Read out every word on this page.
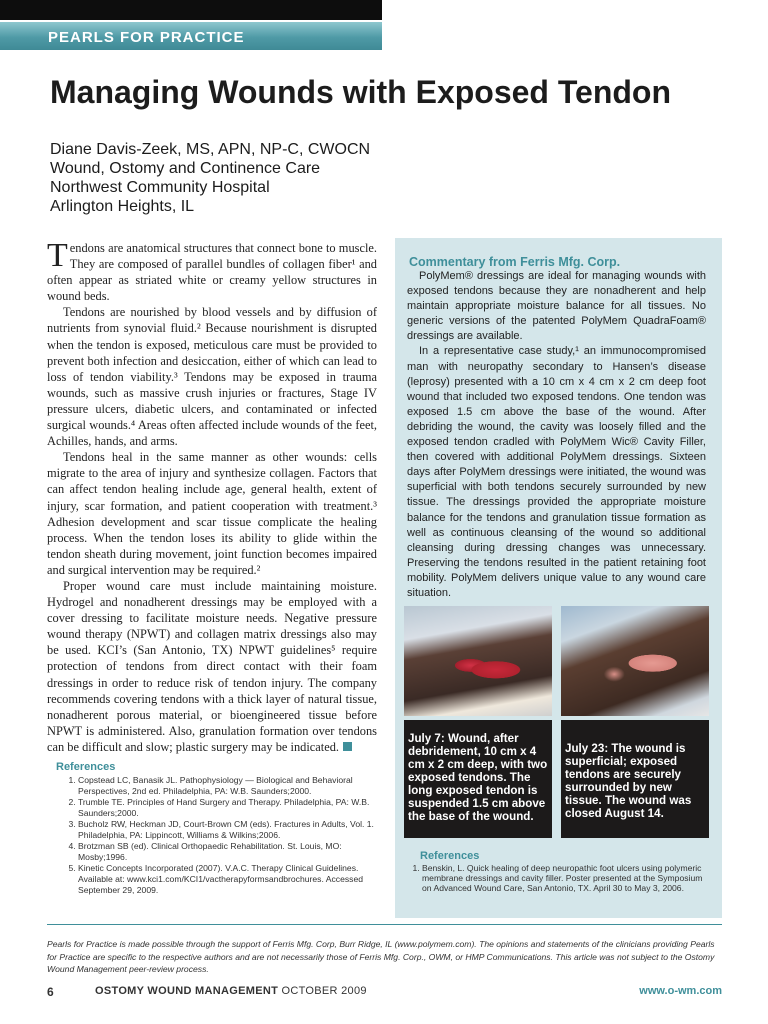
PEARLS FOR PRACTICE
Managing Wounds with Exposed Tendon
Diane Davis-Zeek, MS, APN, NP-C, CWOCN
Wound, Ostomy and Continence Care
Northwest Community Hospital
Arlington Heights, IL

Tendons are anatomical structures that connect bone to muscle. They are composed of parallel bundles of collagen fiber¹ and often appear as striated white or creamy yellow structures in wound beds.

Tendons are nourished by blood vessels and by diffusion of nutrients from synovial fluid.² Because nourishment is disrupted when the tendon is exposed, meticulous care must be provided to prevent both infection and desiccation, either of which can lead to loss of tendon viability.³ Tendons may be exposed in trauma wounds, such as massive crush injuries or fractures, Stage IV pressure ulcers, diabetic ulcers, and contaminated or infected surgical wounds.⁴ Areas often affected include wounds of the feet, Achilles, hands, and arms.

Tendons heal in the same manner as other wounds: cells migrate to the area of injury and synthesize collagen. Factors that can affect tendon healing include age, general health, extent of injury, scar formation, and patient cooperation with treatment.³ Adhesion development and scar tissue complicate the healing process. When the tendon loses its ability to glide within the tendon sheath during movement, joint function becomes impaired and surgical intervention may be required.²

Proper wound care must include maintaining moisture. Hydrogel and nonadherent dressings may be employed with a cover dressing to facilitate moisture needs. Negative pressure wound therapy (NPWT) and collagen matrix dressings also may be used. KCI’s (San Antonio, TX) NPWT guidelines⁵ require protection of tendons from direct contact with their foam dressings in order to reduce risk of tendon injury. The company recommends covering tendons with a thick layer of natural tissue, nonadherent porous material, or bioengineered tissue before NPWT is administered. Also, granulation formation over tendons can be difficult and slow; plastic surgery may be indicated.

References
1. Copstead LC, Banasik JL. Pathophysiology — Biological and Behavioral Perspectives, 2nd ed. Philadelphia, PA: W.B. Saunders;2000.
2. Trumble TE. Principles of Hand Surgery and Therapy. Philadelphia, PA: W.B. Saunders;2000.
3. Bucholz RW, Heckman JD, Court-Brown CM (eds). Fractures in Adults, Vol. 1. Philadelphia, PA: Lippincott, Williams & Wilkins;2006.
4. Brotzman SB (ed). Clinical Orthopaedic Rehabilitation. St. Louis, MO: Mosby;1996.
5. Kinetic Concepts Incorporated (2007). V.A.C. Therapy Clinical Guidelines. Available at: www.kci1.com/KCI1/vactherapyformsandbrochures. Accessed September 29, 2009.
Commentary from Ferris Mfg. Corp.

PolyMem® dressings are ideal for managing wounds with exposed tendons because they are nonadherent and help maintain appropriate moisture balance for all tissues. No generic versions of the patented PolyMem QuadraFoam® dressings are available.

In a representative case study,¹ an immunocompromised man with neuropathy secondary to Hansen’s disease (leprosy) presented with a 10 cm x 4 cm x 2 cm deep foot wound that included two exposed tendons. One tendon was exposed 1.5 cm above the base of the wound. After debriding the wound, the cavity was loosely filled and the exposed tendon cradled with PolyMem Wic® Cavity Filler, then covered with additional PolyMem dressings. Sixteen days after PolyMem dressings were initiated, the wound was superficial with both tendons securely surrounded by new tissue. The dressings provided the appropriate moisture balance for the tendons and granulation tissue formation as well as continuous cleansing of the wound so additional cleansing during dressing changes was unnecessary. Preserving the tendons resulted in the patient retaining foot mobility. PolyMem delivers unique value to any wound care situation.

July 7: Wound, after debridement, 10 cm x 4 cm x 2 cm deep, with two exposed tendons. The long exposed tendon is suspended 1.5 cm above the base of the wound.
July 23: The wound is superficial; exposed tendons are securely surrounded by new tissue. The wound was closed August 14.
References
1. Benskin, L. Quick healing of deep neuropathic foot ulcers using polymeric membrane dressings and cavity filler. Poster presented at the Symposium on Advanced Wound Care, San Antonio, TX. April 30 to May 3, 2006.
Pearls for Practice is made possible through the support of Ferris Mfg. Corp, Burr Ridge, IL (www.polymem.com). The opinions and statements of the clinicians providing Pearls for Practice are specific to the respective authors and are not necessarily those of Ferris Mfg. Corp., OWM, or HMP Communications. This article was not subject to the Ostomy Wound Management peer-review process.
6	OSTOMY WOUND MANAGEMENT OCTOBER 2009	www.o-wm.com
